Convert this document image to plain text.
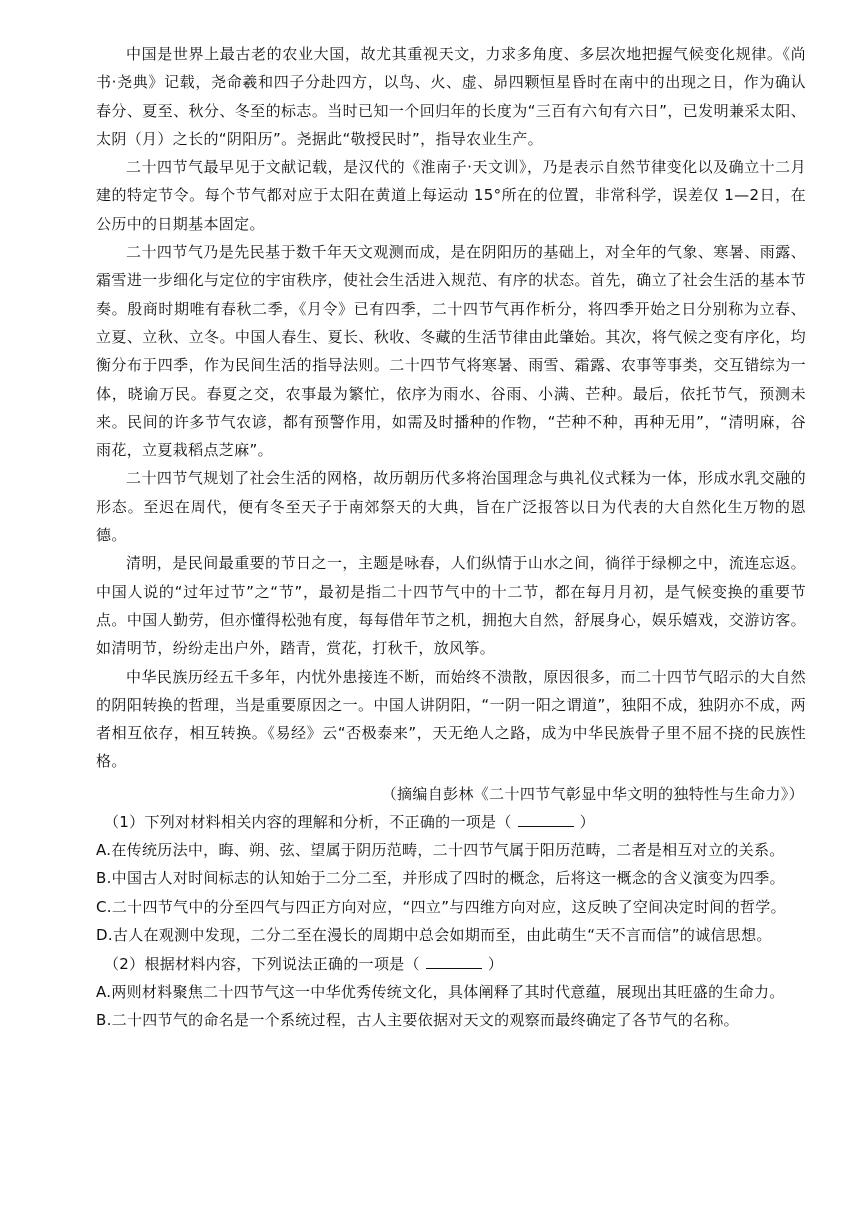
中国是世界上最古老的农业大国，故尤其重视天文，力求多角度、多层次地把握气候变化规律。《尚书·尧典》记载，尧命羲和四子分赴四方，以鸟、火、虚、昴四颗恒星昏时在南中的出现之日，作为确认春分、夏至、秋分、冬至的标志。当时已知一个回归年的长度为“三百有六旬有六日”，已发明兼采太阳、太阴（月）之长的“阴阳历”。尧据此“敬授民时”，指导农业生产。

二十四节气最早见于文献记载，是汉代的《淮南子·天文训》，乃是表示自然节律变化以及确立十二月建的特定节令。每个节气都对应于太阳在黄道上每运动 15°所在的位置，非常科学，误差仅 1—2日，在公历中的日期基本固定。

二十四节气乃是先民基于数千年天文观测而成，是在阴阳历的基础上，对全年的气象、寒暑、雨露、霜雪进一步细化与定位的宇宙秩序，使社会生活进入规范、有序的状态。首先，确立了社会生活的基本节奏。殷商时期唯有春秋二季，《月令》已有四季，二十四节气再作析分，将四季开始之日分别称为立春、立夏、立秋、立冬。中国人春生、夏长、秋收、冬藏的生活节律由此肇始。其次，将气候之变有序化，均衡分布于四季，作为民间生活的指导法则。二十四节气将寒暑、雨雪、霜露、农事等事类，交互错综为一体，晓谕万民。春夏之交，农事最为繁忙，依序为雨水、谷雨、小满、芒种。最后，依托节气，预测未来。民间的许多节气农谚，都有预警作用，如需及时播种的作物，“芒种不种，再种无用”，“清明麻，谷雨花，立夏栽稻点芝麻”。

二十四节气规划了社会生活的网格，故历朝历代多将治国理念与典礼仪式糅为一体，形成水乳交融的形态。至迟在周代，便有冬至天子于南郊祭天的大典，旨在广泛报答以日为代表的大自然化生万物的恩德。

清明，是民间最重要的节日之一，主题是咏春，人们纵情于山水之间，徜徉于绿柳之中，流连忘返。中国人说的“过年过节”之“节”，最初是指二十四节气中的十二节，都在每月月初，是气候变换的重要节点。中国人勤劳，但亦懂得松弛有度，每每借年节之机，拥抱大自然，舒展身心，娱乐嬉戏，交游访客。如清明节，纷纷走出户外，踏青，赏花，打秋千，放风筝。

中华民族历经五千多年，内忧外患接连不断，而始终不溃散，原因很多，而二十四节气昭示的大自然的阴阳转换的哲理，当是重要原因之一。中国人讲阴阳，“一阴一阳之谓道”，独阳不成，独阴亦不成，两者相互依存，相互转换。《易经》云“否极泰来”，天无绝人之路，成为中华民族骨子里不屈不挠的民族性格。

（摘编自彭林《二十四节气彰显中华文明的独特性与生命力》）

（1）下列对材料相关内容的理解和分析，不正确的一项是（	）

A.在传统历法中，晦、朔、弦、望属于阴历范畴，二十四节气属于阳历范畴，二者是相互对立的关系。

B.中国古人对时间标志的认知始于二分二至，并形成了四时的概念，后将这一概念的含义演变为四季。

C.二十四节气中的分至四气与四正方向对应，“四立”与四维方向对应，这反映了空间决定时间的哲学。

D.古人在观测中发现，二分二至在漫长的周期中总会如期而至，由此萌生“天不言而信”的诚信思想。

（2）根据材料内容，下列说法正确的一项是（	）

A.两则材料聚焦二十四节气这一中华优秀传统文化，具体阐释了其时代意蕴，展现出其旺盛的生命力。

B.二十四节气的命名是一个系统过程，古人主要依据对天文的观察而最终确定了各节气的名称。
